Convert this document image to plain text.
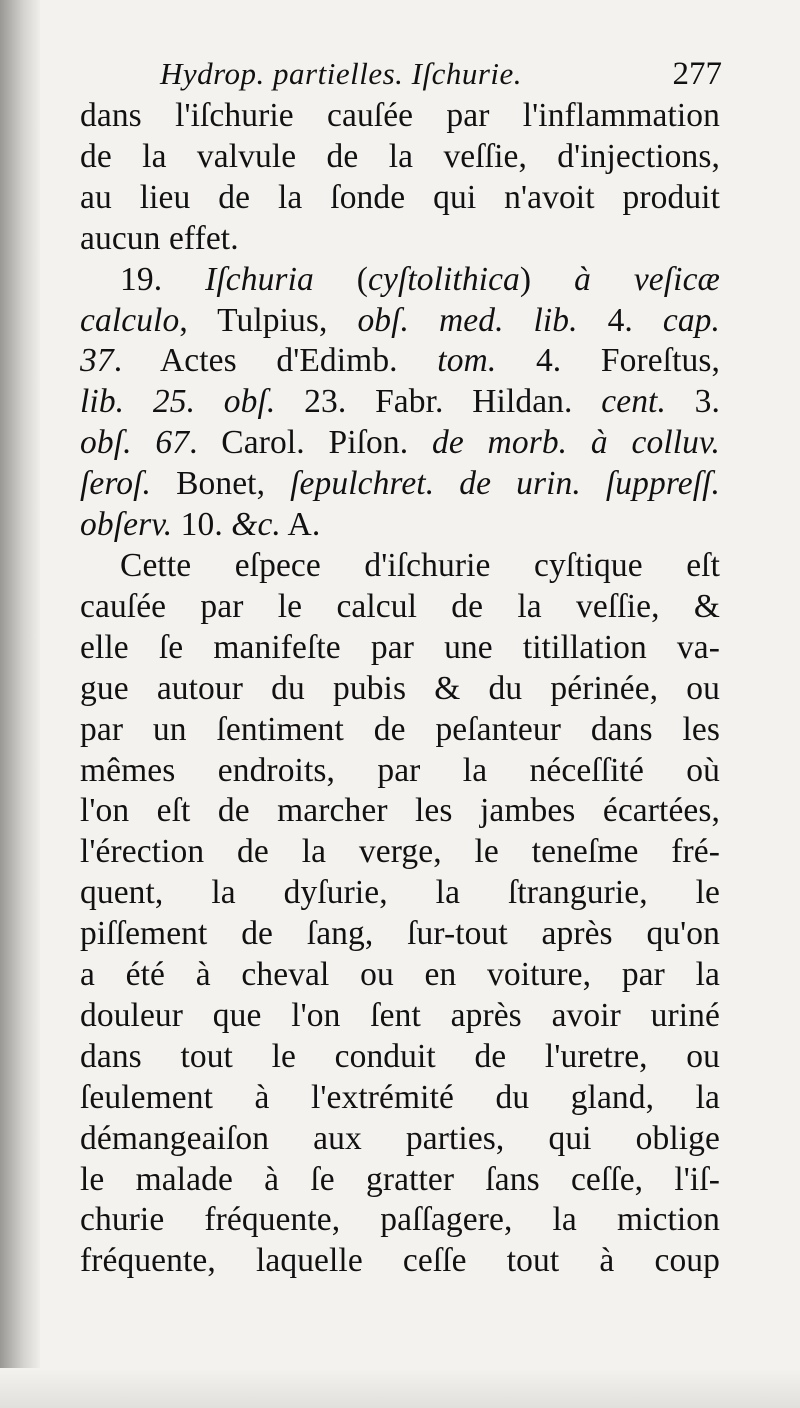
Hydrop. partielles. Iſchurie.	277
dans l'iſchurie cauſée par l'inflammation
de la valvule de la veſſie, d'injections,
au lieu de la ſonde qui n'avoit produit
aucun effet.
19. Iſchuria (cyſtolithica) à veſicæ
calculo, Tulpius, obſ. med. lib. 4. cap.
37. Actes d'Edimb. tom. 4. Foreſtus,
lib. 25. obſ. 23. Fabr. Hildan. cent. 3.
obſ. 67. Carol. Piſon. de morb. à colluv.
ſeroſ. Bonet, ſepulchret. de urin. ſuppreſſ.
obſerv. 10. &c. A.
Cette eſpece d'iſchurie cyſtique eſt
cauſée par le calcul de la veſſie, &
elle ſe manifeſte par une titillation va-
gue autour du pubis & du périnée, ou
par un ſentiment de peſanteur dans les
mêmes endroits, par la néceſſité où
l'on eſt de marcher les jambes écartées,
l'érection de la verge, le teneſme fré-
quent, la dyſurie, la ſtrangurie, le
piſſement de ſang, ſur-tout après qu'on
a été à cheval ou en voiture, par la
douleur que l'on ſent après avoir uriné
dans tout le conduit de l'uretre, ou
ſeulement à l'extrémité du gland, la
démangeaiſon aux parties, qui oblige
le malade à ſe gratter ſans ceſſe, l'iſ-
churie fréquente, paſſagere, la miction
fréquente, laquelle ceſſe tout à coup
